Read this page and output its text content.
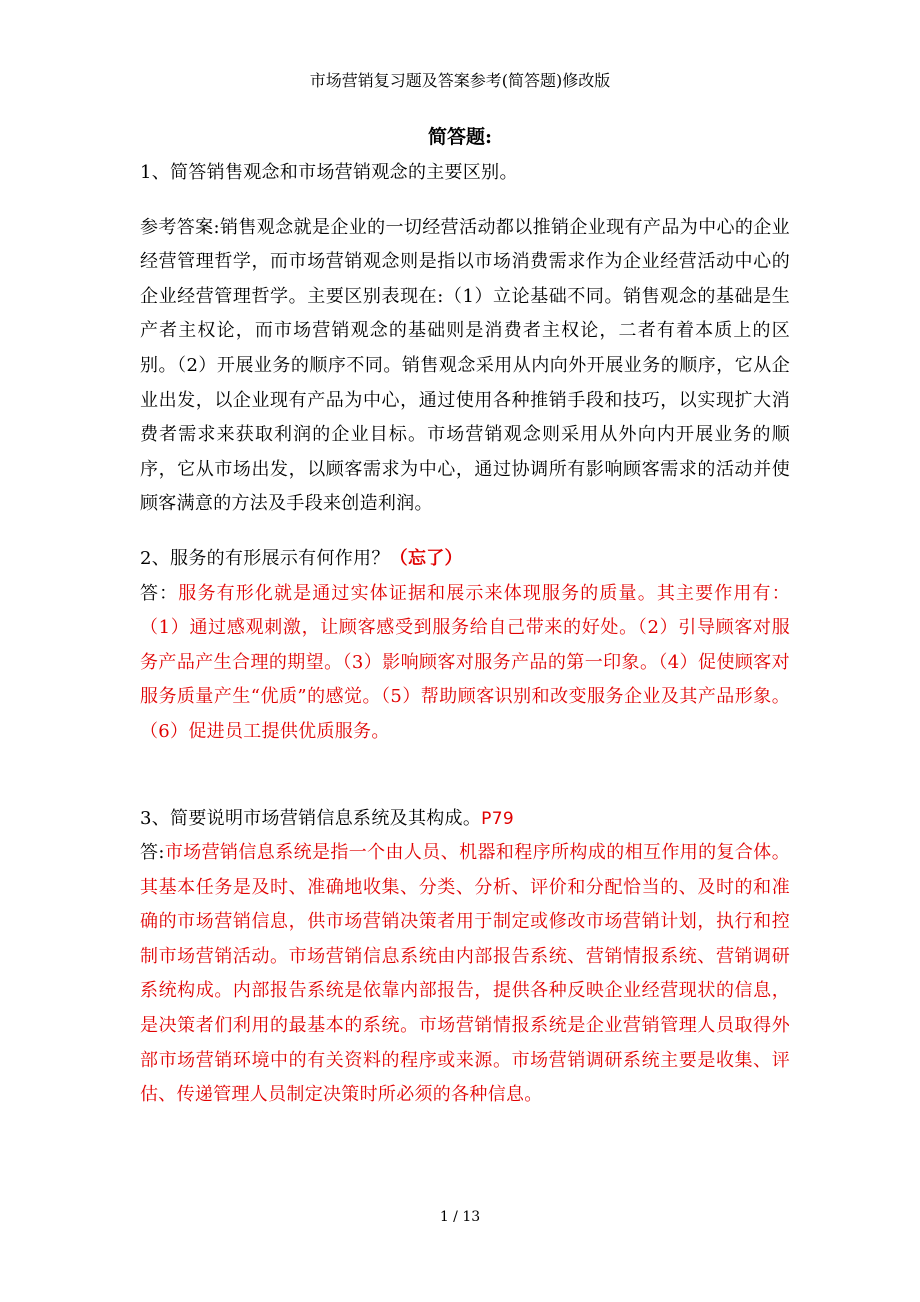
市场营销复习题及答案参考(简答题)修改版
简答题:

1、简答销售观念和市场营销观念的主要区别。

参考答案:销售观念就是企业的一切经营活动都以推销企业现有产品为中心的企业经营管理哲学，而市场营销观念则是指以市场消费需求作为企业经营活动中心的企业经营管理哲学。主要区别表现在:（1）立论基础不同。销售观念的基础是生产者主权论，而市场营销观念的基础则是消费者主权论，二者有着本质上的区别。（2）开展业务的顺序不同。销售观念采用从内向外开展业务的顺序，它从企业出发，以企业现有产品为中心，通过使用各种推销手段和技巧，以实现扩大消费者需求来获取利润的企业目标。市场营销观念则采用从外向内开展业务的顺序，它从市场出发，以顾客需求为中心，通过协调所有影响顾客需求的活动并使顾客满意的方法及手段来创造利润。

2、服务的有形展示有何作用？（忘了）

答：服务有形化就是通过实体证据和展示来体现服务的质量。其主要作用有：（1）通过感观刺激，让顾客感受到服务给自己带来的好处。（2）引导顾客对服务产品产生合理的期望。（3）影响顾客对服务产品的第一印象。（4）促使顾客对服务质量产生“优质”的感觉。（5）帮助顾客识别和改变服务企业及其产品形象。（6）促进员工提供优质服务。

3、简要说明市场营销信息系统及其构成。P79

答:市场营销信息系统是指一个由人员、机器和程序所构成的相互作用的复合体。其基本任务是及时、准确地收集、分类、分析、评价和分配恰当的、及时的和准确的市场营销信息，供市场营销决策者用于制定或修改市场营销计划，执行和控制市场营销活动。市场营销信息系统由内部报告系统、营销情报系统、营销调研系统构成。内部报告系统是依靠内部报告，提供各种反映企业经营现状的信息，是决策者们利用的最基本的系统。市场营销情报系统是企业营销管理人员取得外部市场营销环境中的有关资料的程序或来源。市场营销调研系统主要是收集、评估、传递管理人员制定决策时所必须的各种信息。

1 / 13
